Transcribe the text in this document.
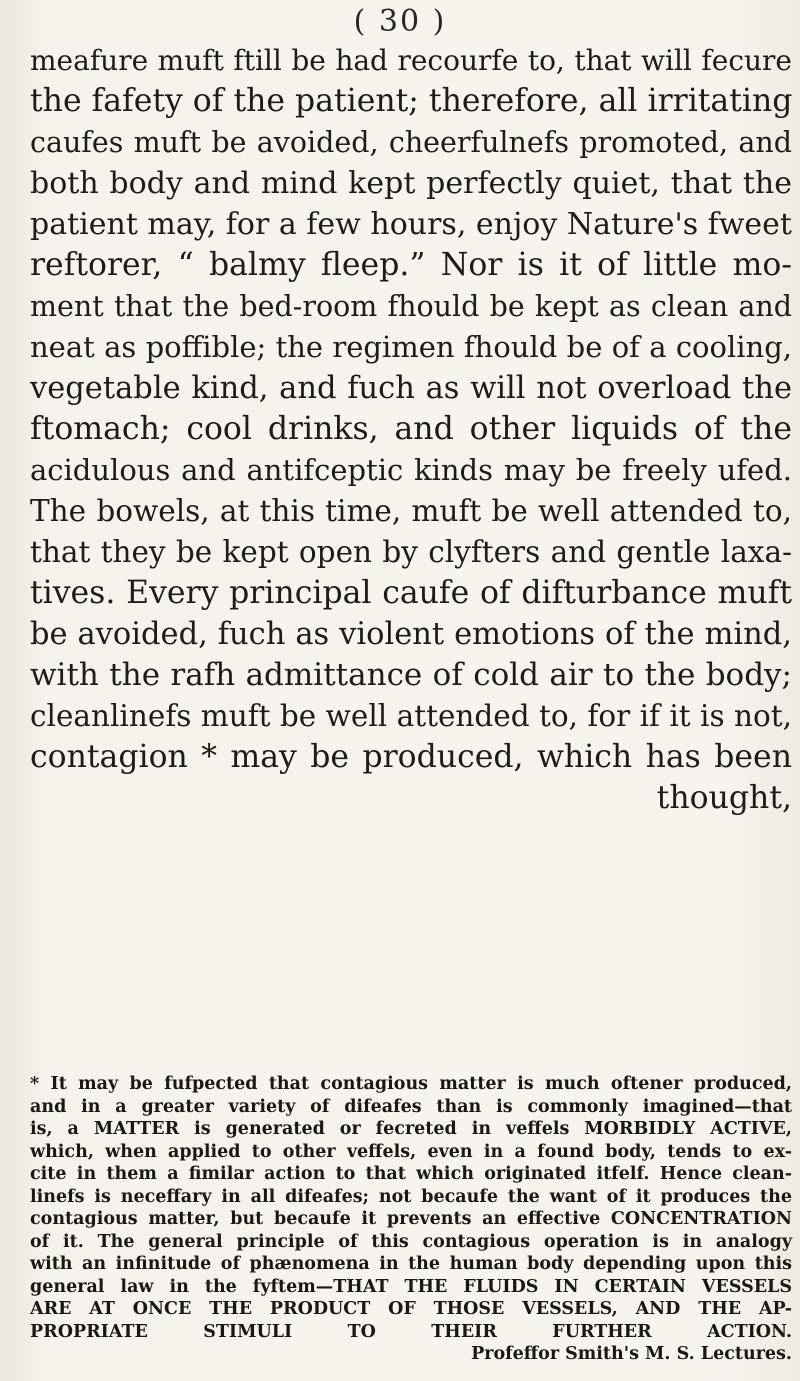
( 30 )
meafure muft ftill be had recourfe to, that will fecure
the fafety of the patient; therefore, all irritating
caufes muft be avoided, cheerfulnefs promoted, and
both body and mind kept perfectly quiet, that the
patient may, for a few hours, enjoy Nature's fweet
reftorer, “ balmy fleep.” Nor is it of little mo-
ment that the bed-room fhould be kept as clean and
neat as poffible; the regimen fhould be of a cooling,
vegetable kind, and fuch as will not overload the
ftomach; cool drinks, and other liquids of the
acidulous and antifceptic kinds may be freely ufed.
The bowels, at this time, muft be well attended to,
that they be kept open by clyfters and gentle laxa-
tives. Every principal caufe of difturbance muft
be avoided, fuch as violent emotions of the mind,
with the rafh admittance of cold air to the body;
cleanlinefs muft be well attended to, for if it is not,
contagion * may be produced, which has been
thought,
* It may be fufpected that contagious matter is much oftener produced,
and in a greater variety of difeafes than is commonly imagined—that
is, a MATTER is generated or fecreted in veffels MORBIDLY ACTIVE,
which, when applied to other veffels, even in a found body, tends to ex-
cite in them a fimilar action to that which originated itfelf. Hence clean-
linefs is neceffary in all difeafes; not becaufe the want of it produces the
contagious matter, but becaufe it prevents an effective CONCENTRATION
of it. The general principle of this contagious operation is in analogy
with an infinitude of phænomena in the human body depending upon this
general law in the fyftem—THAT THE FLUIDS IN CERTAIN VESSELS
ARE AT ONCE THE PRODUCT OF THOSE VESSELS, AND THE AP-
PROPRIATE STIMULI TO THEIR FURTHER ACTION.
Profeffor Smith's M. S. Lectures.
